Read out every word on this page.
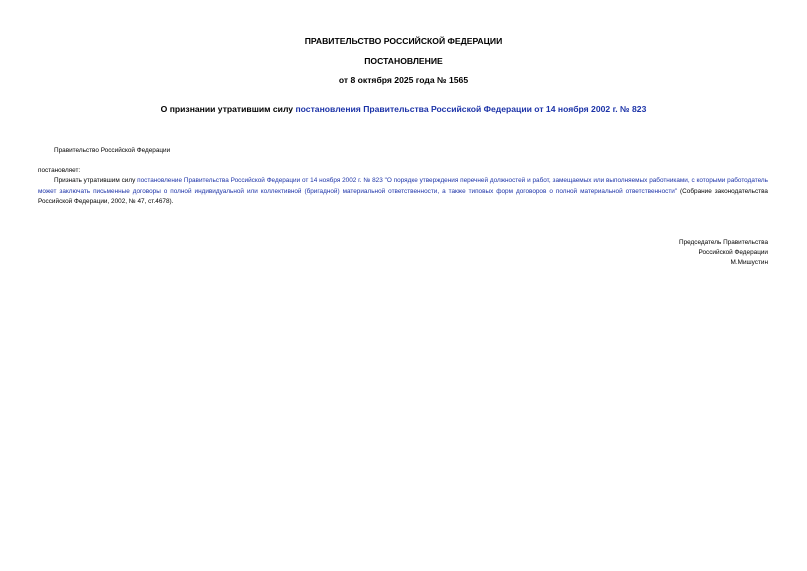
ПРАВИТЕЛЬСТВО РОССИЙСКОЙ ФЕДЕРАЦИИ
ПОСТАНОВЛЕНИЕ
от 8 октября 2025 года № 1565
О признании утратившим силу постановления Правительства Российской Федерации от 14 ноября 2002 г. № 823
Правительство Российской Федерации
постановляет:
Признать утратившим силу постановление Правительства Российской Федерации от 14 ноября 2002 г. № 823 "О порядке утверждения перечней должностей и работ, замещаемых или выполняемых работниками, с которыми работодатель может заключать письменные договоры о полной индивидуальной или коллективной (бригадной) материальной ответственности, а также типовых форм договоров о полной материальной ответственности" (Собрание законодательства Российской Федерации, 2002, № 47, ст.4678).
Председатель Правительства
Российской Федерации
М.Мишустин
